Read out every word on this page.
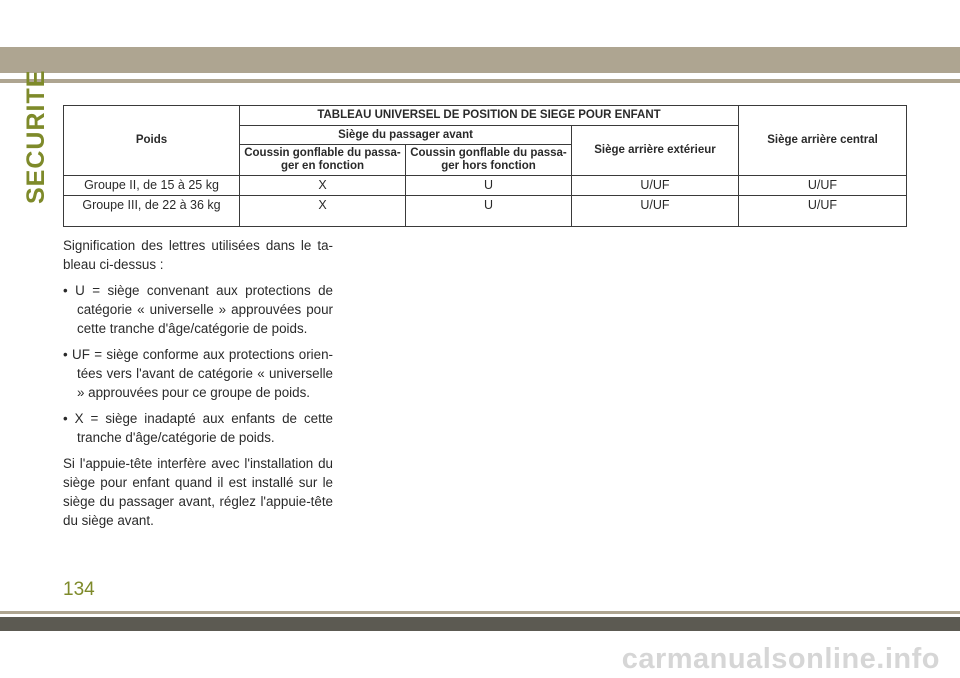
SECURITE	Poids	TABLEAU UNIVERSEL DE POSITION DE SIEGE POUR ENFANT			Siège arrière central
	Siège du passager avant		Siège arrière extérieur	
	Coussin gonflable du passa-ger en fonction	Coussin gonflable du passa-ger hors fonction		
Groupe II, de 15 à 25 kg	X	U	U/UF	U/UF
Groupe III, de 22 à 36 kg	X	U	U/UF	U/UF

Signification des lettres utilisées dans le ta-bleau ci-dessus :

• U = siège convenant aux protections de catégorie « universelle » approuvées pour cette tranche d'âge/catégorie de poids.

• UF = siège conforme aux protections orien-tées vers l'avant de catégorie « universelle » approuvées pour ce groupe de poids.

• X = siège inadapté aux enfants de cette tranche d'âge/catégorie de poids.

Si l'appuie-tête interfère avec l'installation du siège pour enfant quand il est installé sur le siège du passager avant, réglez l'appuie-tête du siège avant.

134
carmanualsonline.info
